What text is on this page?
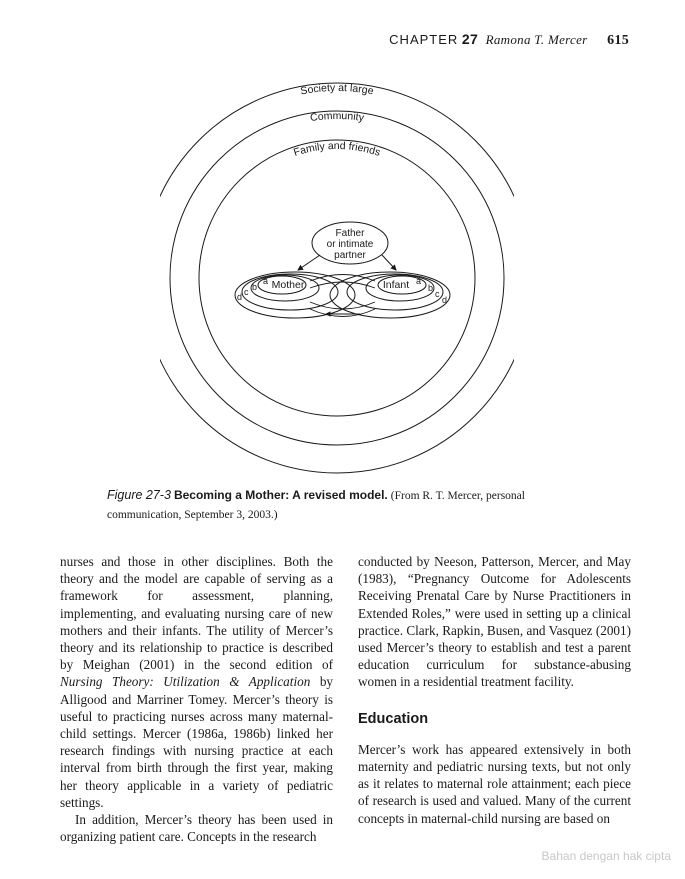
CHAPTER 27 Ramona T. Mercer 615
Society at large
Community
Family and friends
Father
or intimate
partner
Mother	Infant
a
b
c
d
a
b
c
d
Figure 27-3 Becoming a Mother: A revised model. (From R. T. Mercer, personal communication, September 3, 2003.)

nurses and those in other disciplines. Both the theory and the model are capable of serving as a framework for assessment, planning, implementing, and evaluating nursing care of new mothers and their infants. The utility of Mercer’s theory and its relationship to practice is described by Meighan (2001) in the second edition of Nursing Theory: Utilization & Application by Alligood and Marriner Tomey. Mercer’s theory is useful to practicing nurses across many maternal-child settings. Mercer (1986a, 1986b) linked her research findings with nursing practice at each interval from birth through the first year, making her theory applicable in a variety of pediatric settings.

In addition, Mercer’s theory has been used in organizing patient care. Concepts in the research

conducted by Neeson, Patterson, Mercer, and May (1983), “Pregnancy Outcome for Adolescents Receiving Prenatal Care by Nurse Practitioners in Extended Roles,” were used in setting up a clinical practice. Clark, Rapkin, Busen, and Vasquez (2001) used Mercer’s theory to establish and test a parent education curriculum for substance-abusing women in a residential treatment facility.

Education

Mercer’s work has appeared extensively in both maternity and pediatric nursing texts, but not only as it relates to maternal role attainment; each piece of research is used and valued. Many of the current concepts in maternal-child nursing are based on

Bahan dengan hak cipta
